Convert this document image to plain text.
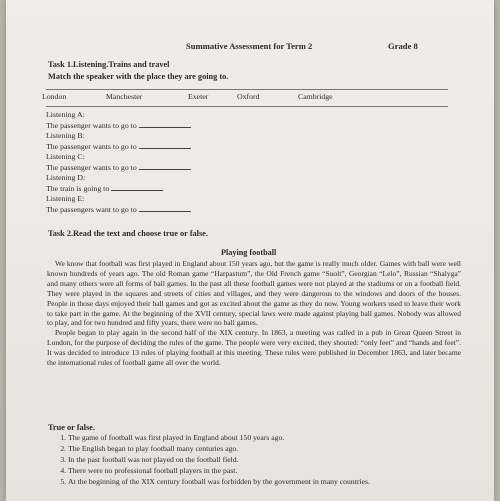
Summative Assessment for Term 2	Grade 8
Task 1.Listening.Trains and travel
Match the speaker with the place they are going to.
London	Manchester	Exeter	Oxford	Cambridge
Listening A:
The passenger wants to go to
Listening B:
The passenger wants to go to
Listening C:
The passenger wants to go to
Listening D:
The train is going to
Listening E:
The passengers want to go to
Task 2.Read the text and choose true or false.
Playing football

We know that football was first played in England about 150 years ago, but the game is really much older. Games with ball were well known hundreds of years ago. The old Roman game “Harpastum”, the Old French game “Suolt”, Georgian “Lelo”, Russian “Shalyga” and many others were all forms of ball games. In the past all these football games were not played at the stadiums or on a football field. They were played in the squares and streets of cities and villages, and they were dangerous to the windows and doors of the houses. People in those days enjoyed their ball games and got as excited about the game as they do now. Young workers used to leave their work to take part in the game. At the beginning of the XVII century, special laws were made against playing ball games. Nobody was allowed to play, and for two hundred and fifty years, there were no ball games.

People began to play again in the second half of the XIX century. In 1863, a meeting was called in a pub in Great Queen Street in London, for the purpose of deciding the rules of the game. The people were very excited, they shouted: “only feet” and “hands and feet”. It was decided to introduce 13 rules of playing football at this meeting. These rules were published in December 1863, and later became the international rules of football game all over the world.

True or false.
1. The game of football was first played in England about 150 years ago.
2. The English began to play football many centuries ago.
3. In the past football was not played on the football field.
4. There were no professional football players in the past.
5. At the beginning of the XIX century football was forbidden by the government in many countries.
